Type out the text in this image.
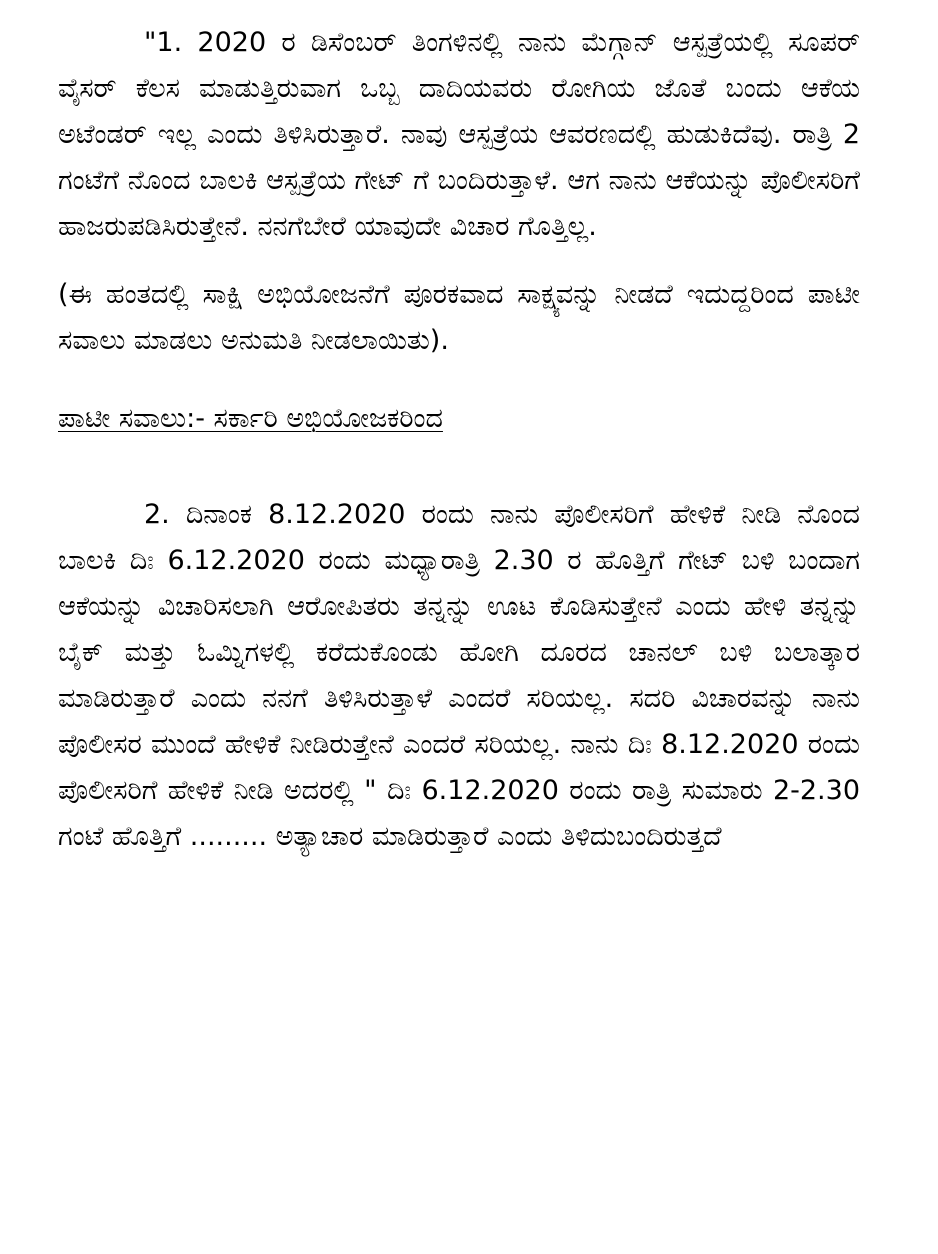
"1. 2020 ರ ಡಿಸೆಂಬರ್ ತಿಂಗಳಿನಲ್ಲಿ ನಾನು ಮೆಗ್ಗಾನ್ ಆಸ್ಪತ್ರೆಯಲ್ಲಿ ಸೂಪರ್ ವೈಸರ್ ಕೆಲಸ ಮಾಡುತ್ತಿರುವಾಗ ಒಬ್ಬ ದಾದಿಯವರು ರೋಗಿಯ ಜೊತೆ ಬಂದು ಆಕೆಯ ಅಟೆಂಡರ್ ಇಲ್ಲ ಎಂದು ತಿಳಿಸಿರುತ್ತಾರೆ. ನಾವು ಆಸ್ಪತ್ರೆಯ ಆವರಣದಲ್ಲಿ ಹುಡುಕಿದೆವು. ರಾತ್ರಿ 2 ಗಂಟೆಗೆ ನೊಂದ ಬಾಲಕಿ ಆಸ್ಪತ್ರೆಯ ಗೇಟ್ ಗೆ ಬಂದಿರುತ್ತಾಳೆ. ಆಗ ನಾನು ಆಕೆಯನ್ನು ಪೊಲೀಸರಿಗೆ ಹಾಜರುಪಡಿಸಿರುತ್ತೇನೆ. ನನಗೆಬೇರೆ ಯಾವುದೇ ವಿಚಾರ ಗೊತ್ತಿಲ್ಲ.

(ಈ ಹಂತದಲ್ಲಿ ಸಾಕ್ಷಿ ಅಭಿಯೋಜನೆಗೆ ಪೂರಕವಾದ ಸಾಕ್ಷ್ಯವನ್ನು ನೀಡದೆ ಇದುದ್ದರಿಂದ ಪಾಟೀ ಸವಾಲು ಮಾಡಲು ಅನುಮತಿ ನೀಡಲಾಯಿತು).

ಪಾಟೀ ಸವಾಲು:- ಸರ್ಕಾರಿ ಅಭಿಯೋಜಕರಿಂದ

2. ದಿನಾಂಕ 8.12.2020 ರಂದು ನಾನು ಪೊಲೀಸರಿಗೆ ಹೇಳಿಕೆ ನೀಡಿ ನೊಂದ ಬಾಲಕಿ ದಿಃ 6.12.2020 ರಂದು ಮಧ್ಯಾರಾತ್ರಿ 2.30 ರ ಹೊತ್ತಿಗೆ ಗೇಟ್ ಬಳಿ ಬಂದಾಗ ಆಕೆಯನ್ನು ವಿಚಾರಿಸಲಾಗಿ ಆರೋಪಿತರು ತನ್ನನ್ನು ಊಟ ಕೊಡಿಸುತ್ತೇನೆ ಎಂದು ಹೇಳಿ ತನ್ನನ್ನು ಬೈಕ್ ಮತ್ತು ಓಮ್ನಿಗಳಲ್ಲಿ ಕರೆದುಕೊಂಡು ಹೋಗಿ ದೂರದ ಚಾನಲ್ ಬಳಿ ಬಲಾತ್ಕಾರ ಮಾಡಿರುತ್ತಾರೆ ಎಂದು ನನಗೆ ತಿಳಿಸಿರುತ್ತಾಳೆ ಎಂದರೆ ಸರಿಯಲ್ಲ. ಸದರಿ ವಿಚಾರವನ್ನು ನಾನು ಪೊಲೀಸರ ಮುಂದೆ ಹೇಳಿಕೆ ನೀಡಿರುತ್ತೇನೆ ಎಂದರೆ ಸರಿಯಲ್ಲ. ನಾನು ದಿಃ 8.12.2020 ರಂದು ಪೊಲೀಸರಿಗೆ ಹೇಳಿಕೆ ನೀಡಿ ಅದರಲ್ಲಿ " ದಿಃ 6.12.2020 ರಂದು ರಾತ್ರಿ ಸುಮಾರು 2-2.30 ಗಂಟೆ ಹೊತ್ತಿಗೆ ......... ಅತ್ಯಾಚಾರ ಮಾಡಿರುತ್ತಾರೆ ಎಂದು ತಿಳಿದುಬಂದಿರುತ್ತದೆ
